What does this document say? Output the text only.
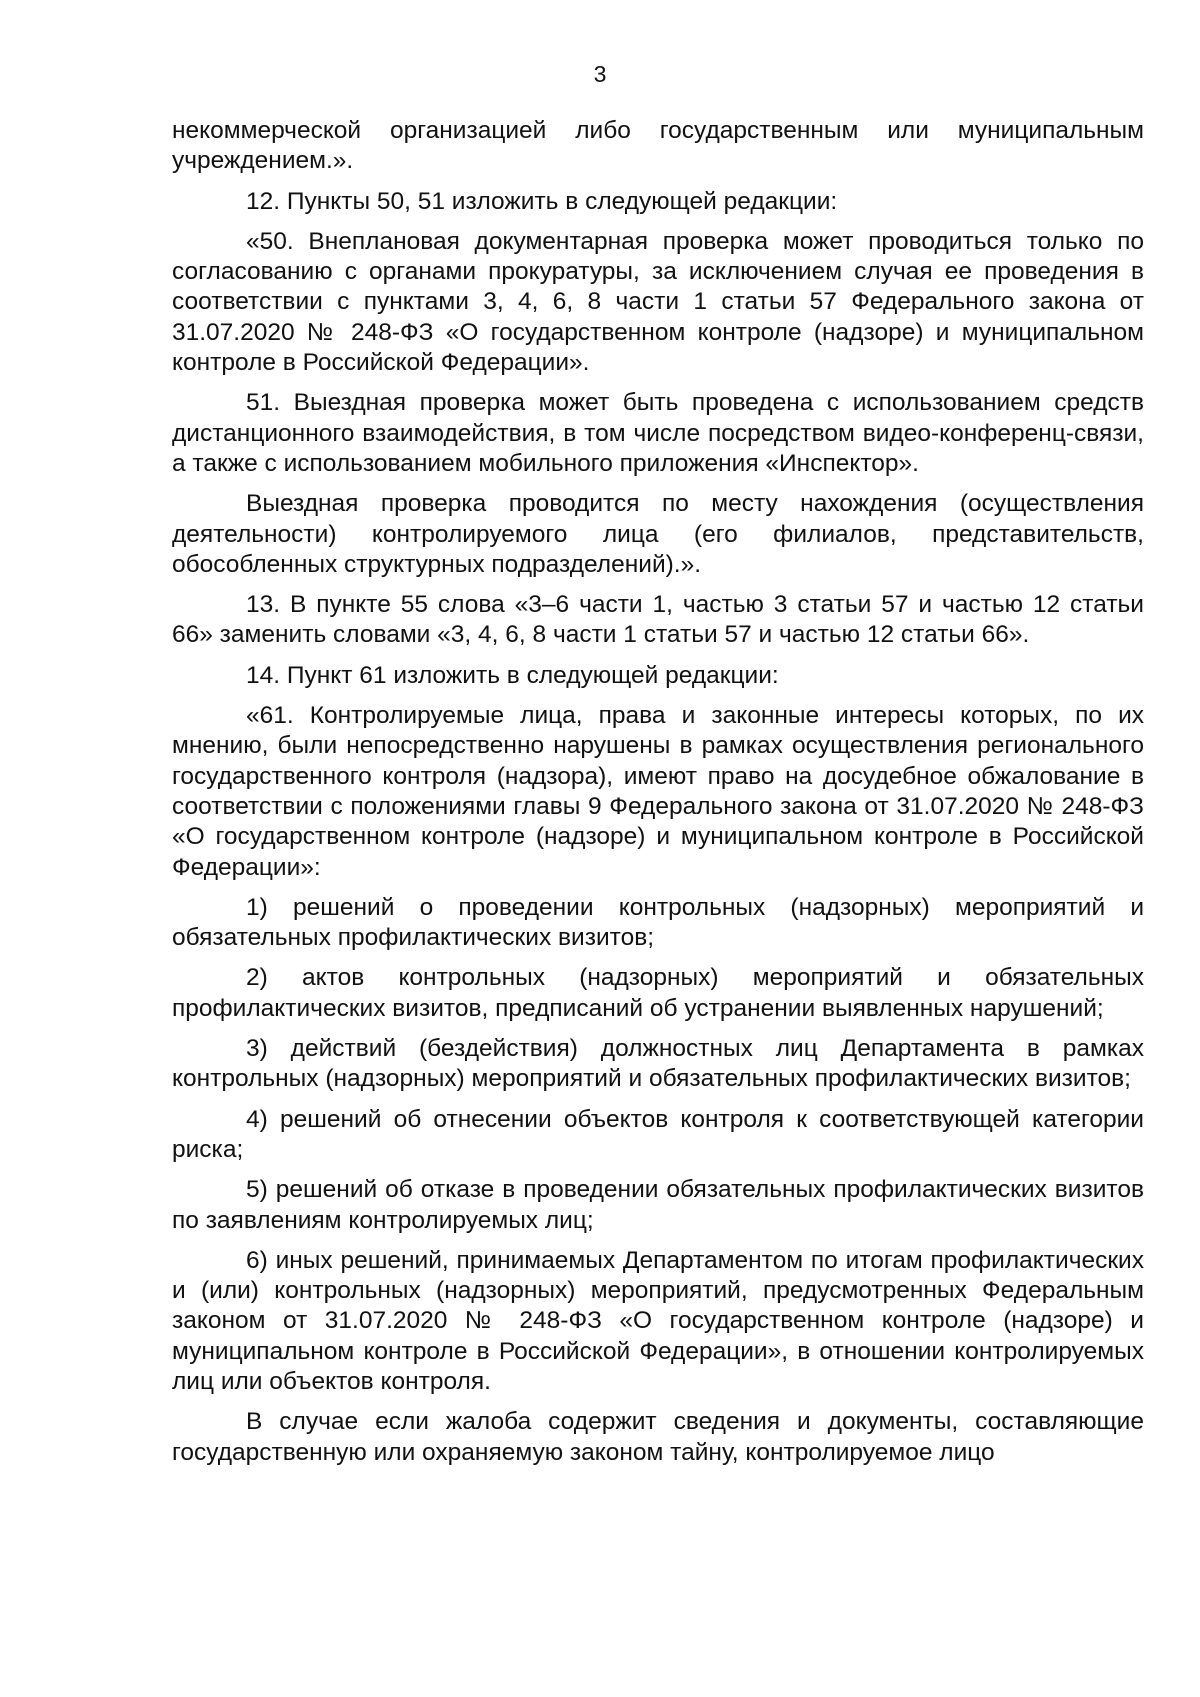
3

некоммерческой организацией либо государственным или муниципальным учреждением.».

12. Пункты 50, 51 изложить в следующей редакции:

«50. Внеплановая документарная проверка может проводиться только по согласованию с органами прокуратуры, за исключением случая ее проведения в соответствии с пунктами 3, 4, 6, 8 части 1 статьи 57 Федерального закона от 31.07.2020 № 248-ФЗ «О государственном контроле (надзоре) и муниципальном контроле в Российской Федерации».

51. Выездная проверка может быть проведена с использованием средств дистанционного взаимодействия, в том числе посредством видео-конференц-связи, а также с использованием мобильного приложения «Инспектор».

Выездная проверка проводится по месту нахождения (осуществления деятельности) контролируемого лица (его филиалов, представительств, обособленных структурных подразделений).».

13. В пункте 55 слова «3–6 части 1, частью 3 статьи 57 и частью 12 статьи 66» заменить словами «3, 4, 6, 8 части 1 статьи 57 и частью 12 статьи 66».

14. Пункт 61 изложить в следующей редакции:

«61. Контролируемые лица, права и законные интересы которых, по их мнению, были непосредственно нарушены в рамках осуществления регионального государственного контроля (надзора), имеют право на досудебное обжалование в соответствии с положениями главы 9 Федерального закона от 31.07.2020 № 248-ФЗ «О государственном контроле (надзоре) и муниципальном контроле в Российской Федерации»:

1) решений о проведении контрольных (надзорных) мероприятий и обязательных профилактических визитов;

2) актов контрольных (надзорных) мероприятий и обязательных профилактических визитов, предписаний об устранении выявленных нарушений;

3) действий (бездействия) должностных лиц Департамента в рамках контрольных (надзорных) мероприятий и обязательных профилактических визитов;

4) решений об отнесении объектов контроля к соответствующей категории риска;

5) решений об отказе в проведении обязательных профилактических визитов по заявлениям контролируемых лиц;

6) иных решений, принимаемых Департаментом по итогам профилактических и (или) контрольных (надзорных) мероприятий, предусмотренных Федеральным законом от 31.07.2020 № 248-ФЗ «О государственном контроле (надзоре) и муниципальном контроле в Российской Федерации», в отношении контролируемых лиц или объектов контроля.

В случае если жалоба содержит сведения и документы, составляющие государственную или охраняемую законом тайну, контролируемое лицо
